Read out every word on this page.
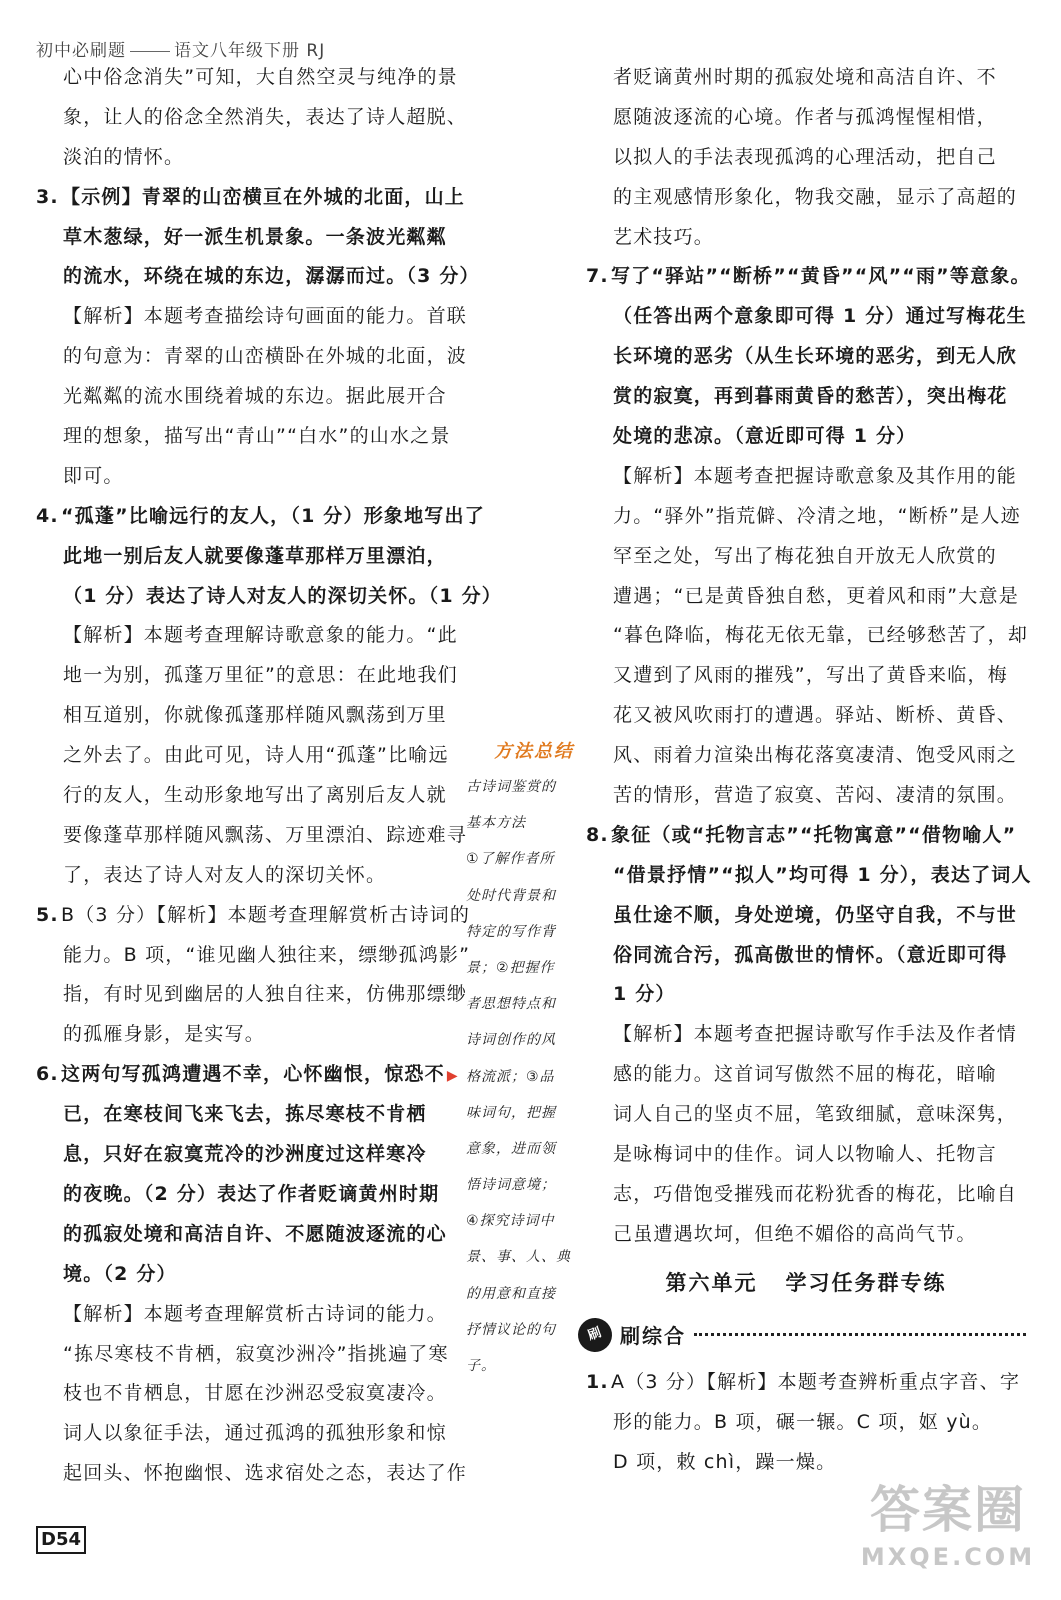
初中必刷题	语文八年级下册 RJ
心中俗念消失”可知，大自然空灵与纯净的景
象，让人的俗念全然消失，表达了诗人超脱、
淡泊的情怀。
3. 【示例】青翠的山峦横亘在外城的北面，山上
草木葱绿，好一派生机景象。一条波光粼粼
的流水，环绕在城的东边，潺潺而过。（3 分）
【解析】本题考查描绘诗句画面的能力。首联
的句意为：青翠的山峦横卧在外城的北面，波
光粼粼的流水围绕着城的东边。据此展开合
理的想象，描写出“青山”“白水”的山水之景
即可。
4. “孤蓬”比喻远行的友人，（1 分）形象地写出了
此地一别后友人就要像蓬草那样万里漂泊，
（1 分）表达了诗人对友人的深切关怀。（1 分）
【解析】本题考查理解诗歌意象的能力。“此
地一为别，孤蓬万里征”的意思：在此地我们
相互道别，你就像孤蓬那样随风飘荡到万里
之外去了。由此可见，诗人用“孤蓬”比喻远
行的友人，生动形象地写出了离别后友人就
要像蓬草那样随风飘荡、万里漂泊、踪迹难寻
了，表达了诗人对友人的深切关怀。
5. B（3 分）【解析】本题考查理解赏析古诗词的
能力。B 项，“谁见幽人独往来，缥缈孤鸿影”
指，有时见到幽居的人独自往来，仿佛那缥缈
的孤雁身影，是实写。
6. 这两句写孤鸿遭遇不幸，心怀幽恨，惊恐不 ▶
已，在寒枝间飞来飞去，拣尽寒枝不肯栖
息，只好在寂寞荒冷的沙洲度过这样寒冷
的夜晚。（2 分）表达了作者贬谪黄州时期
的孤寂处境和高洁自许、不愿随波逐流的心
境。（2 分）
【解析】本题考查理解赏析古诗词的能力。
“拣尽寒枝不肯栖，寂寞沙洲冷”指挑遍了寒
枝也不肯栖息，甘愿在沙洲忍受寂寞凄冷。
词人以象征手法，通过孤鸿的孤独形象和惊
起回头、怀抱幽恨、选求宿处之态，表达了作
方法总结
古诗词鉴赏的
基本方法
①了解作者所
处时代背景和
特定的写作背
景；②把握作
者思想特点和
诗词创作的风
格流派；③品
味词句，把握
意象，进而领
悟诗词意境；
④探究诗词中
景、事、人、典
的用意和直接
抒情议论的句
子。
者贬谪黄州时期的孤寂处境和高洁自许、不
愿随波逐流的心境。作者与孤鸿惺惺相惜，
以拟人的手法表现孤鸿的心理活动，把自己
的主观感情形象化，物我交融，显示了高超的
艺术技巧。
7. 写了“驿站”“断桥”“黄昏”“风”“雨”等意象。
（任答出两个意象即可得 1 分）通过写梅花生
长环境的恶劣（从生长环境的恶劣，到无人欣
赏的寂寞，再到暮雨黄昏的愁苦），突出梅花
处境的悲凉。（意近即可得 1 分）
【解析】本题考查把握诗歌意象及其作用的能
力。“驿外”指荒僻、冷清之地，“断桥”是人迹
罕至之处，写出了梅花独自开放无人欣赏的
遭遇；“已是黄昏独自愁，更着风和雨”大意是
“暮色降临，梅花无依无靠，已经够愁苦了，却
又遭到了风雨的摧残”，写出了黄昏来临，梅
花又被风吹雨打的遭遇。驿站、断桥、黄昏、
风、雨着力渲染出梅花落寞凄清、饱受风雨之
苦的情形，营造了寂寞、苦闷、凄清的氛围。
8. 象征（或“托物言志”“托物寓意”“借物喻人”
“借景抒情”“拟人”均可得 1 分），表达了词人
虽仕途不顺，身处逆境，仍坚守自我，不与世
俗同流合污，孤高傲世的情怀。（意近即可得
1 分）
【解析】本题考查把握诗歌写作手法及作者情
感的能力。这首词写傲然不屈的梅花，暗喻
词人自己的坚贞不屈，笔致细腻，意味深隽，
是咏梅词中的佳作。词人以物喻人、托物言
志，巧借饱受摧残而花粉犹香的梅花，比喻自
己虽遭遇坎坷，但绝不媚俗的高尚气节。
第六单元 学习任务群专练
刷 刷综合
1. A（3 分）【解析】本题考查辨析重点字音、字
形的能力。B 项，碾一辗。C 项，妪 yù。
D 项，敕 chì，躁一燥。
D54
答案圈
MXQE.COM
